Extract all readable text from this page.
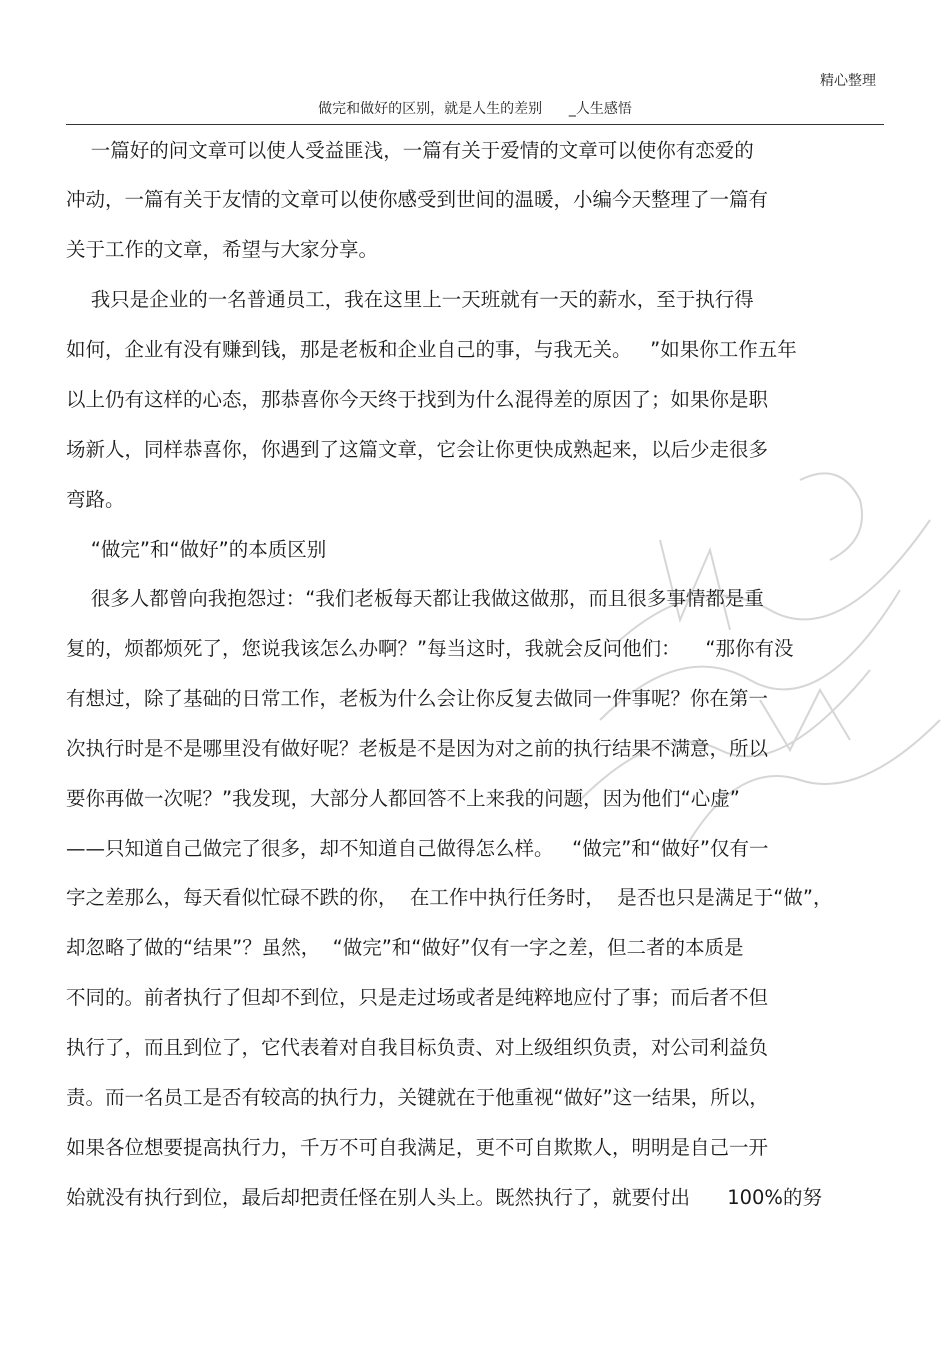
精心整理
做完和做好的区别，就是人生的差别      _人生感悟
一篇好的问文章可以使人受益匪浅，一篇有关于爱情的文章可以使你有恋爱的
冲动，一篇有关于友情的文章可以使你感受到世间的温暖，小编今天整理了一篇有
关于工作的文章，希望与大家分享。
我只是企业的一名普通员工，我在这里上一天班就有一天的薪水，至于执行得
如何，企业有没有赚到钱，那是老板和企业自己的事，与我无关。   ”如果你工作五年
以上仍有这样的心态，那恭喜你今天终于找到为什么混得差的原因了；如果你是职
场新人，同样恭喜你，你遇到了这篇文章，它会让你更快成熟起来，以后少走很多
弯路。
“做完”和“做好”的本质区别
很多人都曾向我抱怨过：“我们老板每天都让我做这做那，而且很多事情都是重
复的，烦都烦死了，您说我该怎么办啊？”每当这时，我就会反问他们：    “那你有没
有想过，除了基础的日常工作，老板为什么会让你反复去做同一件事呢？你在第一
次执行时是不是哪里没有做好呢？老板是不是因为对之前的执行结果不满意，所以
要你再做一次呢？”我发现，大部分人都回答不上来我的问题，因为他们“心虚”
——只知道自己做完了很多，却不知道自己做得怎么样。   “做完”和“做好”仅有一
字之差那么，每天看似忙碌不跌的你，  在工作中执行任务时，  是否也只是满足于“做”，
却忽略了做的“结果”？虽然，  “做完”和“做好”仅有一字之差，但二者的本质是
不同的。前者执行了但却不到位，只是走过场或者是纯粹地应付了事；而后者不但
执行了，而且到位了，它代表着对自我目标负责、对上级组织负责，对公司利益负
责。而一名员工是否有较高的执行力，关键就在于他重视“做好”这一结果，所以，
如果各位想要提高执行力，千万不可自我满足，更不可自欺欺人，明明是自己一开
始就没有执行到位，最后却把责任怪在别人头上。既然执行了，就要付出      100%的努
